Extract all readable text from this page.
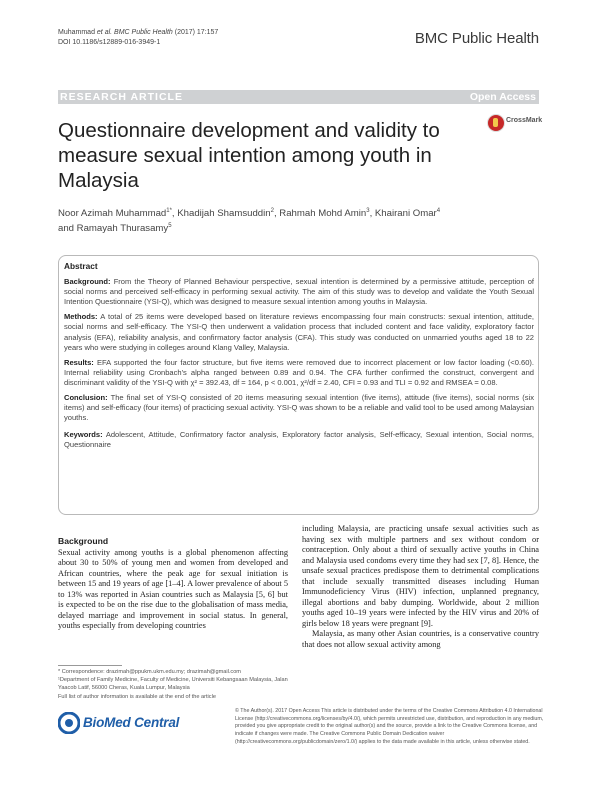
Muhammad et al. BMC Public Health (2017) 17:157
DOI 10.1186/s12889-016-3949-1	BMC Public Health
RESEARCH ARTICLE	Open Access
Questionnaire development and validity to measure sexual intention among youth in Malaysia
CrossMark
Noor Azimah Muhammad$^{1*}$, Khadijah Shamsuddin$^2$, Rahmah Mohd Amin$^3$, Khairani Omar$^4$
and Ramayah Thurasamy$^5$
Abstract

Background: From the Theory of Planned Behaviour perspective, sexual intention is determined by a permissive attitude, perception of social norms and perceived self-efficacy in performing sexual activity. The aim of this study was to develop and validate the Youth Sexual Intention Questionnaire (YSI-Q), which was designed to measure sexual intention among youths in Malaysia.

Methods: A total of 25 items were developed based on literature reviews encompassing four main constructs: sexual intention, attitude, social norms and self-efficacy. The YSI-Q then underwent a validation process that included content and face validity, exploratory factor analysis (EFA), reliability analysis, and confirmatory factor analysis (CFA). This study was conducted on unmarried youths aged 18 to 22 years who were studying in colleges around Klang Valley, Malaysia.

Results: EFA supported the four factor structure, but five items were removed due to incorrect placement or low factor loading (<0.60). Internal reliability using Cronbach's alpha ranged between 0.89 and 0.94. The CFA further confirmed the construct, convergent and discriminant validity of the YSI-Q with χ² = 392.43, df = 164, p < 0.001, χ²/df = 2.40, CFI = 0.93 and TLI = 0.92 and RMSEA = 0.08.

Conclusion: The final set of YSI-Q consisted of 20 items measuring sexual intention (five items), attitude (five items), social norms (six items) and self-efficacy (four items) of practicing sexual activity. YSI-Q was shown to be a reliable and valid tool to be used among Malaysian youths.

Keywords: Adolescent, Attitude, Confirmatory factor analysis, Exploratory factor analysis, Self-efficacy, Sexual intention, Social norms, Questionnaire

Background

Sexual activity among youths is a global phenomenon affecting about 30 to 50% of young men and women from developed and African countries, where the peak age for sexual initiation is between 15 and 19 years of age [1–4]. A lower prevalence of about 5 to 13% was reported in Asian countries such as Malaysia [5, 6] but is expected to be on the rise due to the globalisation of mass media, delayed marriage and improvement in social status. In general, youths especially from developing countries

including Malaysia, are practicing unsafe sexual activities such as having sex with multiple partners and sex without condom or contraception. Only about a third of sexually active youths in China and Malaysia used condoms every time they had sex [7, 8]. Hence, the unsafe sexual practices predispose them to detrimental complications that include sexually transmitted diseases including Human Immunodeficiency Virus (HIV) infection, unplanned pregnancy, illegal abortions and baby dumping. Worldwide, about 2 million youths aged 10–19 years were infected by the HIV virus and 20% of girls below 18 years were pregnant [9].

Malaysia, as many other Asian countries, is a conservative country that does not allow sexual activity among

* Correspondence: drazimah@ppukm.ukm.edu.my; drazimah@gmail.com

¹Department of Family Medicine, Faculty of Medicine, Universiti Kebangsaan Malaysia, Jalan Yaacob Latif, 56000 Cheras, Kuala Lumpur, Malaysia

Full list of author information is available at the end of the article

BioMed Central
© The Author(s). 2017 Open Access This article is distributed under the terms of the Creative Commons Attribution 4.0 International License (http://creativecommons.org/licenses/by/4.0/), which permits unrestricted use, distribution, and reproduction in any medium, provided you give appropriate credit to the original author(s) and the source, provide a link to the Creative Commons license, and indicate if changes were made. The Creative Commons Public Domain Dedication waiver (http://creativecommons.org/publicdomain/zero/1.0/) applies to the data made available in this article, unless otherwise stated.
